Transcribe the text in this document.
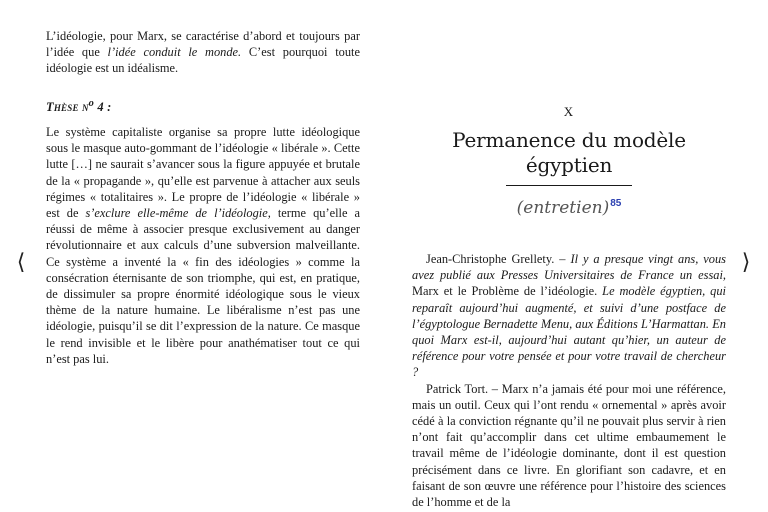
⟨	⟩

L’idéologie, pour Marx, se caractérise d’abord et toujours par l’idée que l’idée conduit le monde. C’est pourquoi toute idéologie est un idéalisme.

Thèse $n^o$ 4 :

Le système capitaliste organise sa propre lutte idéologique sous le masque auto-gommant de l’idéologie « libérale ». Cette lutte […] ne saurait s’avancer sous la figure appuyée et brutale de la « propagande », qu’elle est parvenue à attacher aux seuls régimes « totalitaires ». Le propre de l’idéologie « libérale » est de s’exclure elle-même de l’idéologie, terme qu’elle a réussi de même à associer presque exclusivement au danger révolutionnaire et aux calculs d’une subversion malveillante. Ce système a inventé la « fin des idéologies » comme la consécration éternisante de son triomphe, qui est, en pratique, de dissimuler sa propre énormité idéologique sous le vieux thème de la nature humaine. Le libéralisme n’est pas une idéologie, puisqu’il se dit l’expression de la nature. Ce masque le rend invisible et le libère pour anathématiser tout ce qui n’est pas lui.

X
Permanence du modèle égyptien
(entretien)$^{85}$

Jean-Christophe Grellety. – Il y a presque vingt ans, vous avez publié aux Presses Universitaires de France un essai, Marx et le Problème de l’idéologie. Le modèle égyptien, qui reparaît aujourd’hui augmenté, et suivi d’une postface de l’égyptologue Bernadette Menu, aux Éditions L’Harmattan. En quoi Marx est-il, aujourd’hui autant qu’hier, un auteur de référence pour votre pensée et pour votre travail de chercheur ?

Patrick Tort. – Marx n’a jamais été pour moi une référence, mais un outil. Ceux qui l’ont rendu « ornemental » après avoir cédé à la conviction régnante qu’il ne pouvait plus servir à rien n’ont fait qu’accomplir dans cet ultime embaumement le travail même de l’idéologie dominante, dont il est question précisément dans ce livre. En glorifiant son cadavre, et en faisant de son œuvre une référence pour l’histoire des sciences de l’homme et de la
